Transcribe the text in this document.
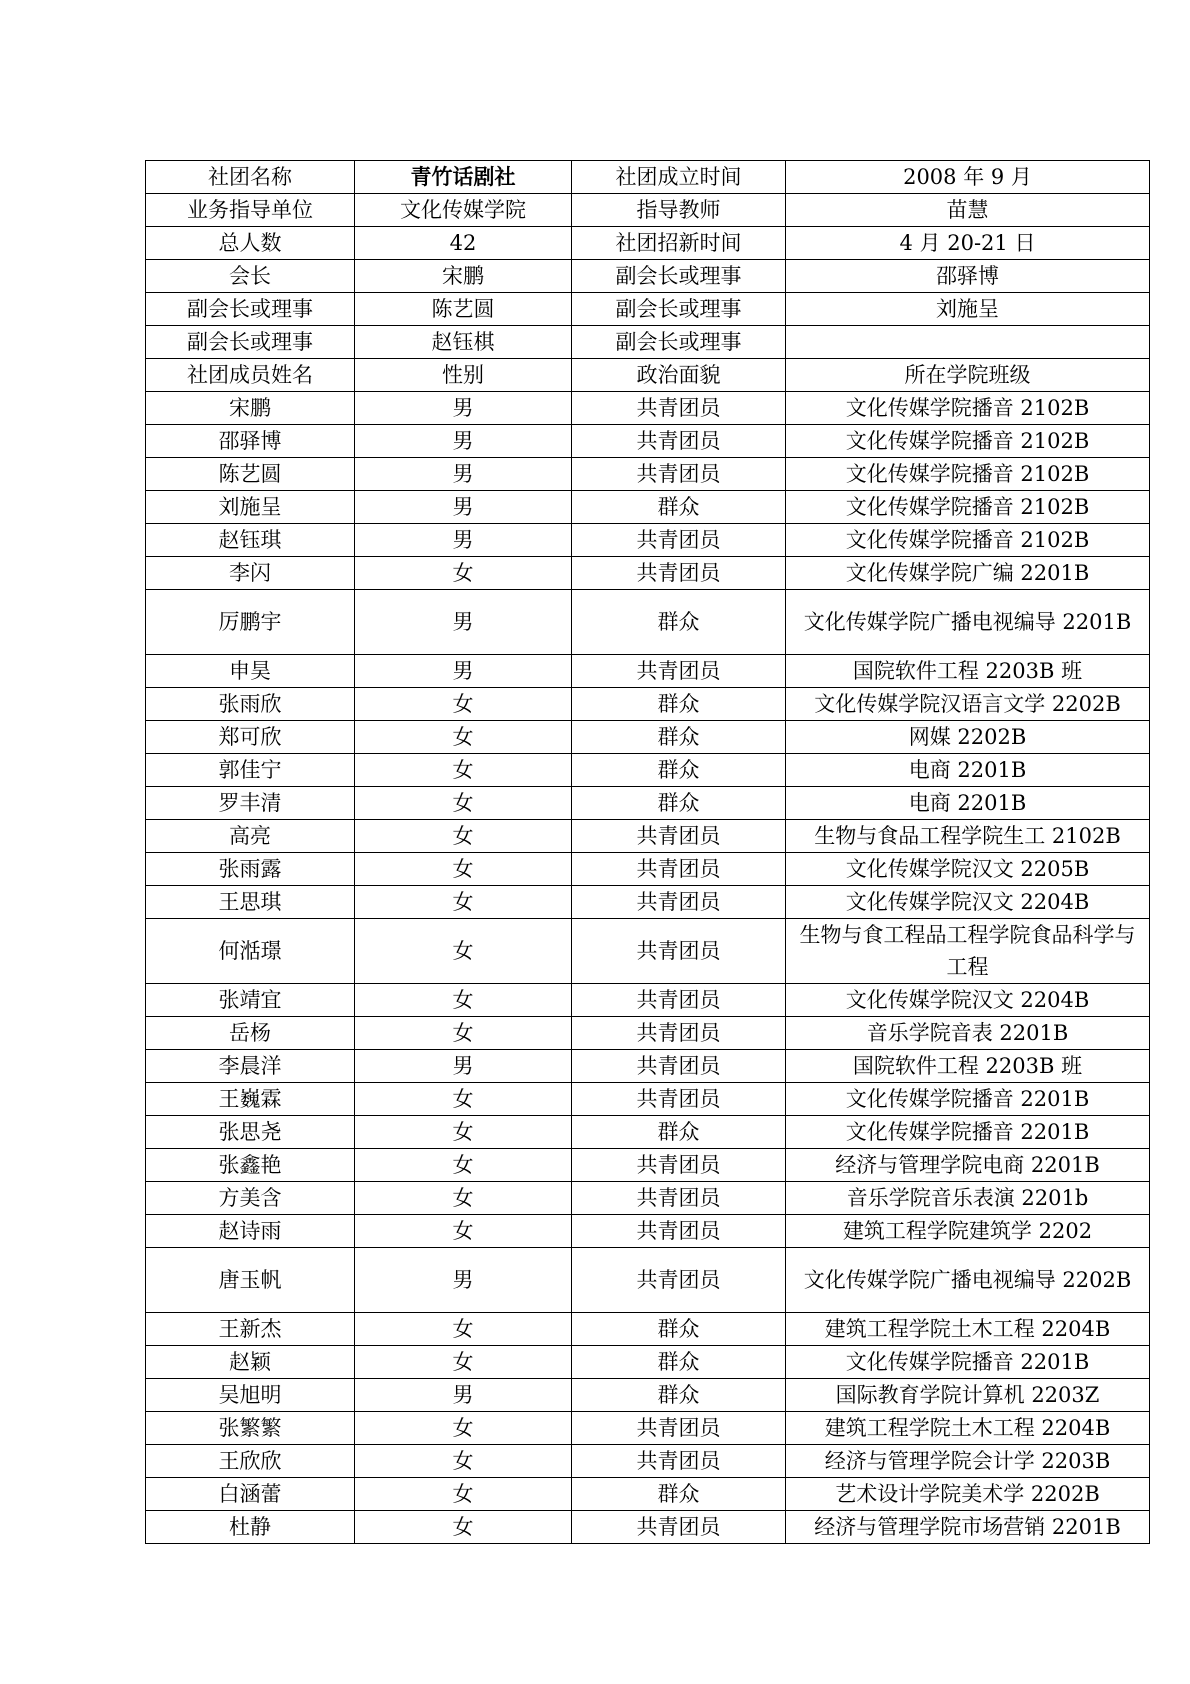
社团名称	青竹话剧社	社团成立时间	2008 年 9 月
业务指导单位	文化传媒学院	指导教师	苗慧
总人数	42	社团招新时间	4 月 20-21 日
会长	宋鹏	副会长或理事	邵驿博
副会长或理事	陈艺圆	副会长或理事	刘施呈
副会长或理事	赵钰棋	副会长或理事	
社团成员姓名	性别	政治面貌	所在学院班级
宋鹏	男	共青团员	文化传媒学院播音 2102B
邵驿博	男	共青团员	文化传媒学院播音 2102B
陈艺圆	男	共青团员	文化传媒学院播音 2102B
刘施呈	男	群众	文化传媒学院播音 2102B
赵钰琪	男	共青团员	文化传媒学院播音 2102B
李闪	女	共青团员	文化传媒学院广编 2201B
厉鹏宇	男	群众	文化传媒学院广播电视编导 2201B
申昊	男	共青团员	国院软件工程 2203B 班
张雨欣	女	群众	文化传媒学院汉语言文学 2202B
郑可欣	女	群众	网媒 2202B
郭佳宁	女	群众	电商 2201B
罗丰清	女	群众	电商 2201B
高亮	女	共青团员	生物与食品工程学院生工 2102B
张雨露	女	共青团员	文化传媒学院汉文 2205B
王思琪	女	共青团员	文化传媒学院汉文 2204B
何湉璟	女	共青团员	生物与食工程品工程学院食品科学与工程
张靖宜	女	共青团员	文化传媒学院汉文 2204B
岳杨	女	共青团员	音乐学院音表 2201B
李晨洋	男	共青团员	国院软件工程 2203B 班
王巍霖	女	共青团员	文化传媒学院播音 2201B
张思尧	女	群众	文化传媒学院播音 2201B
张鑫艳	女	共青团员	经济与管理学院电商 2201B
方美含	女	共青团员	音乐学院音乐表演 2201b
赵诗雨	女	共青团员	建筑工程学院建筑学 2202
唐玉帆	男	共青团员	文化传媒学院广播电视编导 2202B
王新杰	女	群众	建筑工程学院土木工程 2204B
赵颖	女	群众	文化传媒学院播音 2201B
吴旭明	男	群众	国际教育学院计算机 2203Z
张繁繁	女	共青团员	建筑工程学院土木工程 2204B
王欣欣	女	共青团员	经济与管理学院会计学 2203B
白涵蕾	女	群众	艺术设计学院美术学 2202B
杜静	女	共青团员	经济与管理学院市场营销 2201B
